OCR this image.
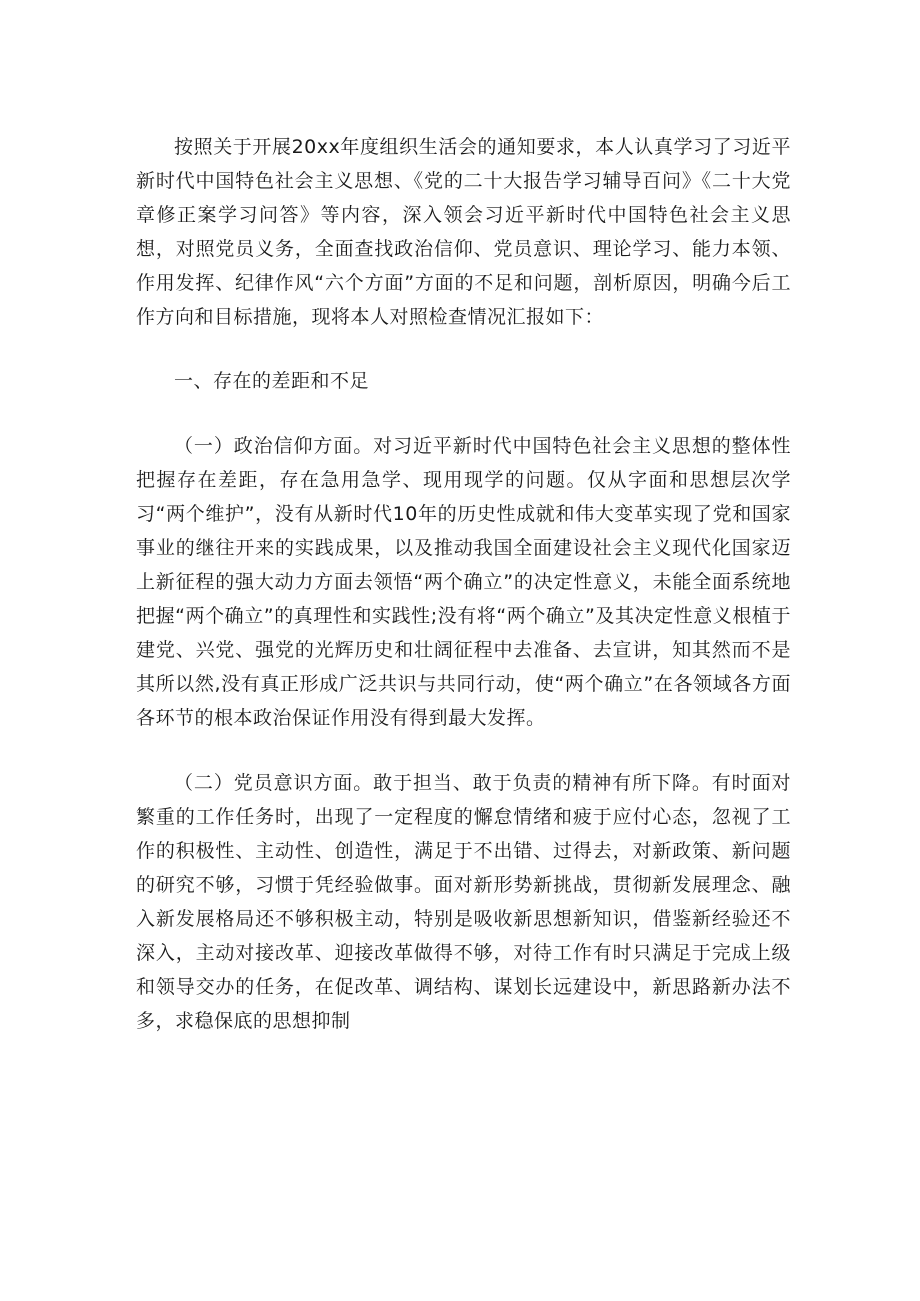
按照关于开展20xx年度组织生活会的通知要求，本人认真学习了习近平新时代中国特色社会主义思想、《党的二十大报告学习辅导百问》《二十大党章修正案学习问答》等内容，深入领会习近平新时代中国特色社会主义思想，对照党员义务，全面查找政治信仰、党员意识、理论学习、能力本领、作用发挥、纪律作风“六个方面”方面的不足和问题，剖析原因，明确今后工作方向和目标措施，现将本人对照检查情况汇报如下：

一、存在的差距和不足

（一）政治信仰方面。对习近平新时代中国特色社会主义思想的整体性把握存在差距，存在急用急学、现用现学的问题。仅从字面和思想层次学习“两个维护”，没有从新时代10年的历史性成就和伟大变革实现了党和国家事业的继往开来的实践成果，以及推动我国全面建设社会主义现代化国家迈上新征程的强大动力方面去领悟“两个确立”的决定性意义，未能全面系统地把握“两个确立”的真理性和实践性;没有将“两个确立”及其决定性意义根植于建党、兴党、强党的光辉历史和壮阔征程中去准备、去宣讲，知其然而不是其所以然,没有真正形成广泛共识与共同行动，使“两个确立”在各领域各方面各环节的根本政治保证作用没有得到最大发挥。

（二）党员意识方面。敢于担当、敢于负责的精神有所下降。有时面对繁重的工作任务时，出现了一定程度的懈怠情绪和疲于应付心态，忽视了工作的积极性、主动性、创造性，满足于不出错、过得去，对新政策、新问题的研究不够，习惯于凭经验做事。面对新形势新挑战，贯彻新发展理念、融入新发展格局还不够积极主动，特别是吸收新思想新知识，借鉴新经验还不深入，主动对接改革、迎接改革做得不够，对待工作有时只满足于完成上级和领导交办的任务，在促改革、调结构、谋划长远建设中，新思路新办法不多，求稳保底的思想抑制
